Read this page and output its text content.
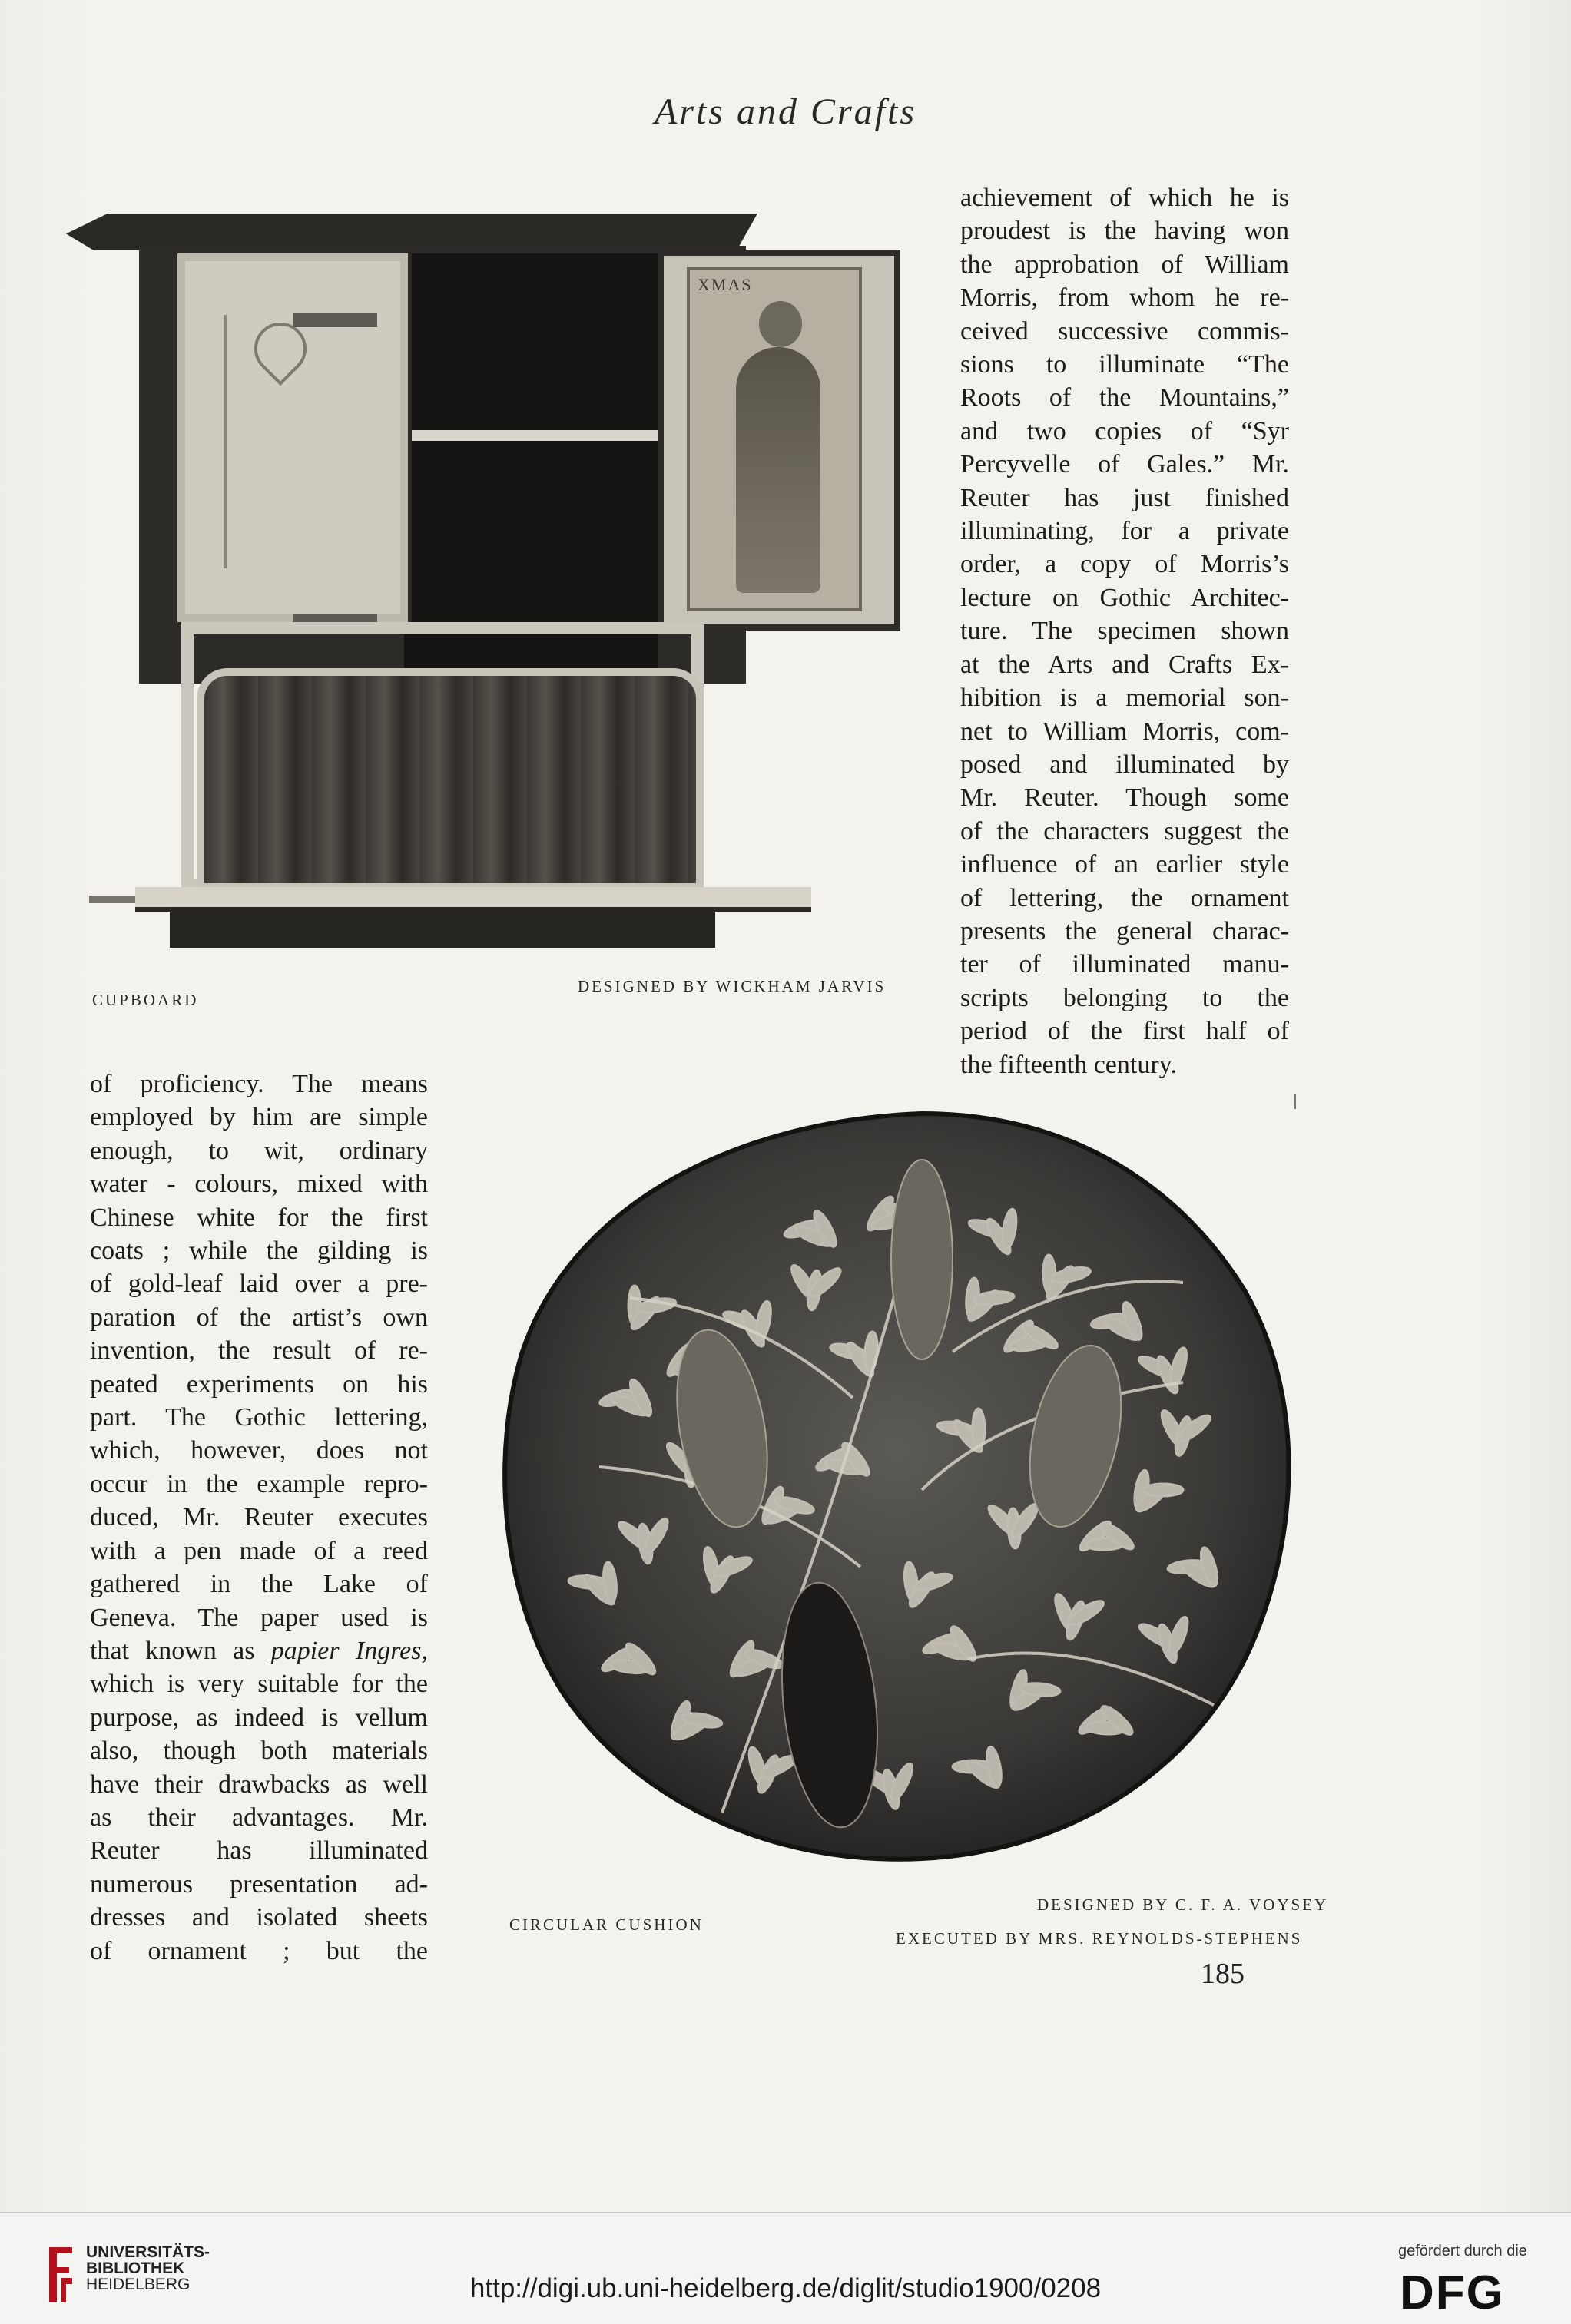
Arts and Crafts
XMAS
CUPBOARD
DESIGNED BY WICKHAM JARVIS

achievement of which he is

proudest is the having won

the approbation of William

Morris, from whom he re-

ceived successive commis-

sions to illuminate “The

Roots of the Mountains,”

and two copies of “Syr

Percyvelle of Gales.” Mr.

Reuter has just finished

illuminating, for a private

order, a copy of Morris’s

lecture on Gothic Architec-

ture. The specimen shown

at the Arts and Crafts Ex-

hibition is a memorial son-

net to William Morris, com-

posed and illuminated by

Mr. Reuter. Though some

of the characters suggest the

influence of an earlier style

of lettering, the ornament

presents the general charac-

ter of illuminated manu-

scripts belonging to the

period of the first half of

the fifteenth century.

of proficiency. The means

employed by him are simple

enough, to wit, ordinary

water - colours, mixed with

Chinese white for the first

coats ; while the gilding is

of gold-leaf laid over a pre-

paration of the artist’s own

invention, the result of re-

peated experiments on his

part. The Gothic lettering,

which, however, does not

occur in the example repro-

duced, Mr. Reuter executes

with a pen made of a reed

gathered in the Lake of

Geneva. The paper used is

that known as papier Ingres,

which is very suitable for the

purpose, as indeed is vellum

also, though both materials

have their drawbacks as well

as their advantages. Mr.

Reuter has illuminated

numerous presentation ad-

dresses and isolated sheets

of ornament ; but the

CIRCULAR CUSHION
DESIGNED BY C. F. A. VOYSEY
EXECUTED BY MRS. REYNOLDS-STEPHENS
185
UNIVERSITÄTS-
BIBLIOTHEK
HEIDELBERG	http://digi.ub.uni-heidelberg.de/diglit/studio1900/0208
gefördert durch die
DFG
